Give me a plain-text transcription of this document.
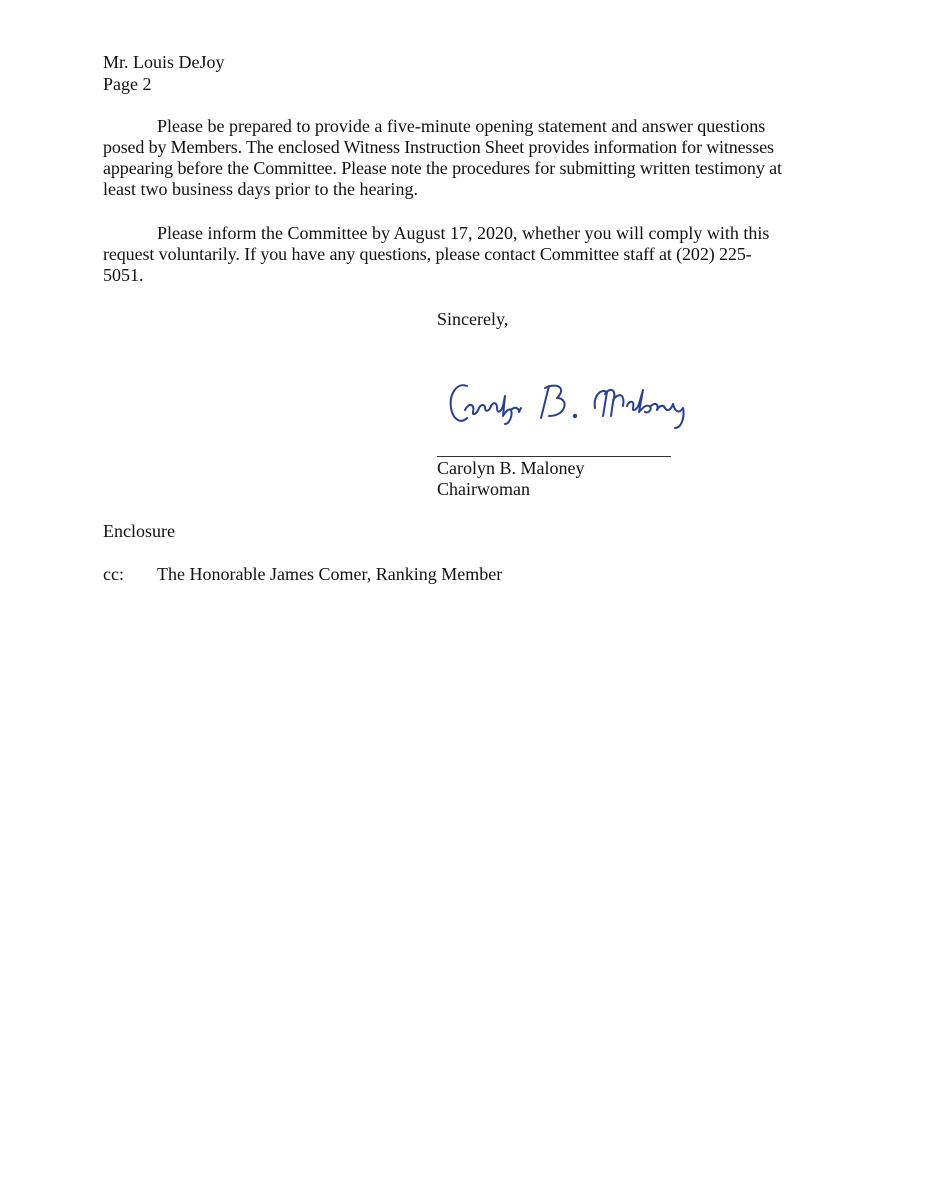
Mr. Louis DeJoy
Page 2
Please be prepared to provide a five-minute opening statement and answer questions
posed by Members. The enclosed Witness Instruction Sheet provides information for witnesses
appearing before the Committee. Please note the procedures for submitting written testimony at
least two business days prior to the hearing.
Please inform the Committee by August 17, 2020, whether you will comply with this
request voluntarily. If you have any questions, please contact Committee staff at (202) 225-
5051.
Sincerely,
Carolyn B. Maloney
Chairwoman
Enclosure
cc: The Honorable James Comer, Ranking Member
